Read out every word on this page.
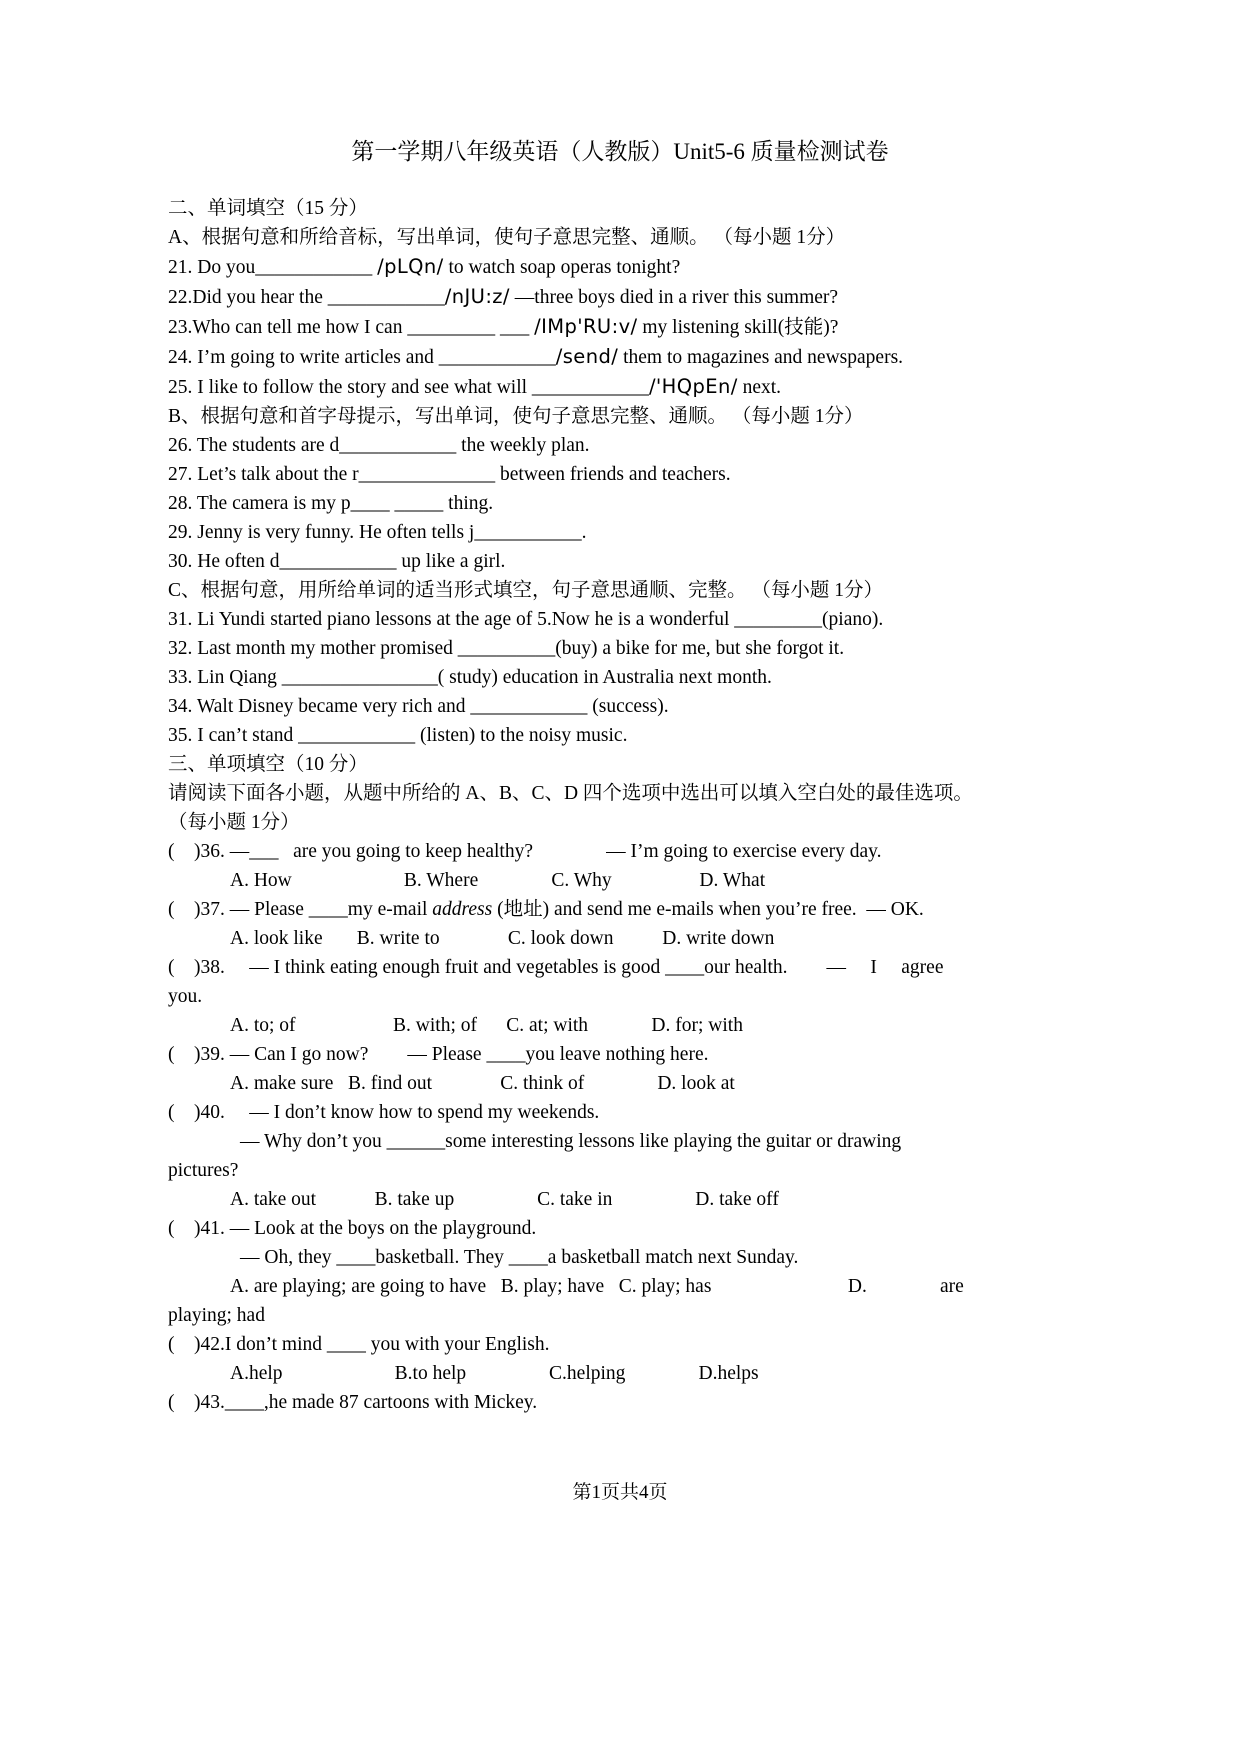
第一学期八年级英语（人教版）Unit5-6 质量检测试卷
二、单词填空（15 分）
A、根据句意和所给音标，写出单词，使句子意思完整、通顺。 （每小题 1分）
21. Do you____________ /pLQn/ to watch soap operas tonight?
22.Did you hear the ____________/nJU:z/ —three boys died in a river this summer?
23.Who can tell me how I can _________ ___ /IMp'RU:v/ my listening skill(技能)?
24. I’m going to write articles and ____________/send/ them to magazines and newspapers.
25. I like to follow the story and see what will ____________/'HQpEn/ next.
B、根据句意和首字母提示，写出单词，使句子意思完整、通顺。 （每小题 1分）
26. The students are d____________ the weekly plan.
27. Let’s talk about the r______________ between friends and teachers.
28. The camera is my p____ _____ thing.
29. Jenny is very funny. He often tells j___________.
30. He often d____________ up like a girl.
C、根据句意，用所给单词的适当形式填空，句子意思通顺、完整。 （每小题 1分）
31. Li Yundi started piano lessons at the age of 5.Now he is a wonderful _________(piano).
32. Last month my mother promised __________(buy) a bike for me, but she forgot it.
33. Lin Qiang ________________( study) education in Australia next month.
34. Walt Disney became very rich and ____________ (success).
35. I can’t stand ____________ (listen) to the noisy music.
三、单项填空（10 分）
请阅读下面各小题，从题中所给的 A、B、C、D 四个选项中选出可以填入空白处的最佳选项。
（每小题 1分）
(　)36. —___   are you going to keep healthy?               — I’m going to exercise every day.
A. How                       B. Where               C. Why                  D. What
(　)37. — Please ____my e-mail address (地址) and send me e-mails when you’re free.  — OK.
A. look like       B. write to              C. look down          D. write down
(　)38.     — I think eating enough fruit and vegetables is good ____our health.        —     I     agree
you.
A. to; of                    B. with; of      C. at; with             D. for; with
(　)39. — Can I go now?        — Please ____you leave nothing here.
A. make sure   B. find out              C. think of               D. look at
(　)40.     — I don’t know how to spend my weekends.
— Why don’t you ______some interesting lessons like playing the guitar or drawing
pictures?
A. take out            B. take up                 C. take in                 D. take off
(　)41. — Look at the boys on the playground.
— Oh, they ____basketball. They ____a basketball match next Sunday.
A. are playing; are going to have   B. play; have   C. play; has                            D.               are
playing; had
(　)42.I don’t mind ____ you with your English.
A.help                       B.to help                 C.helping               D.helps
(　)43.____,he made 87 cartoons with Mickey.
第1页共4页
